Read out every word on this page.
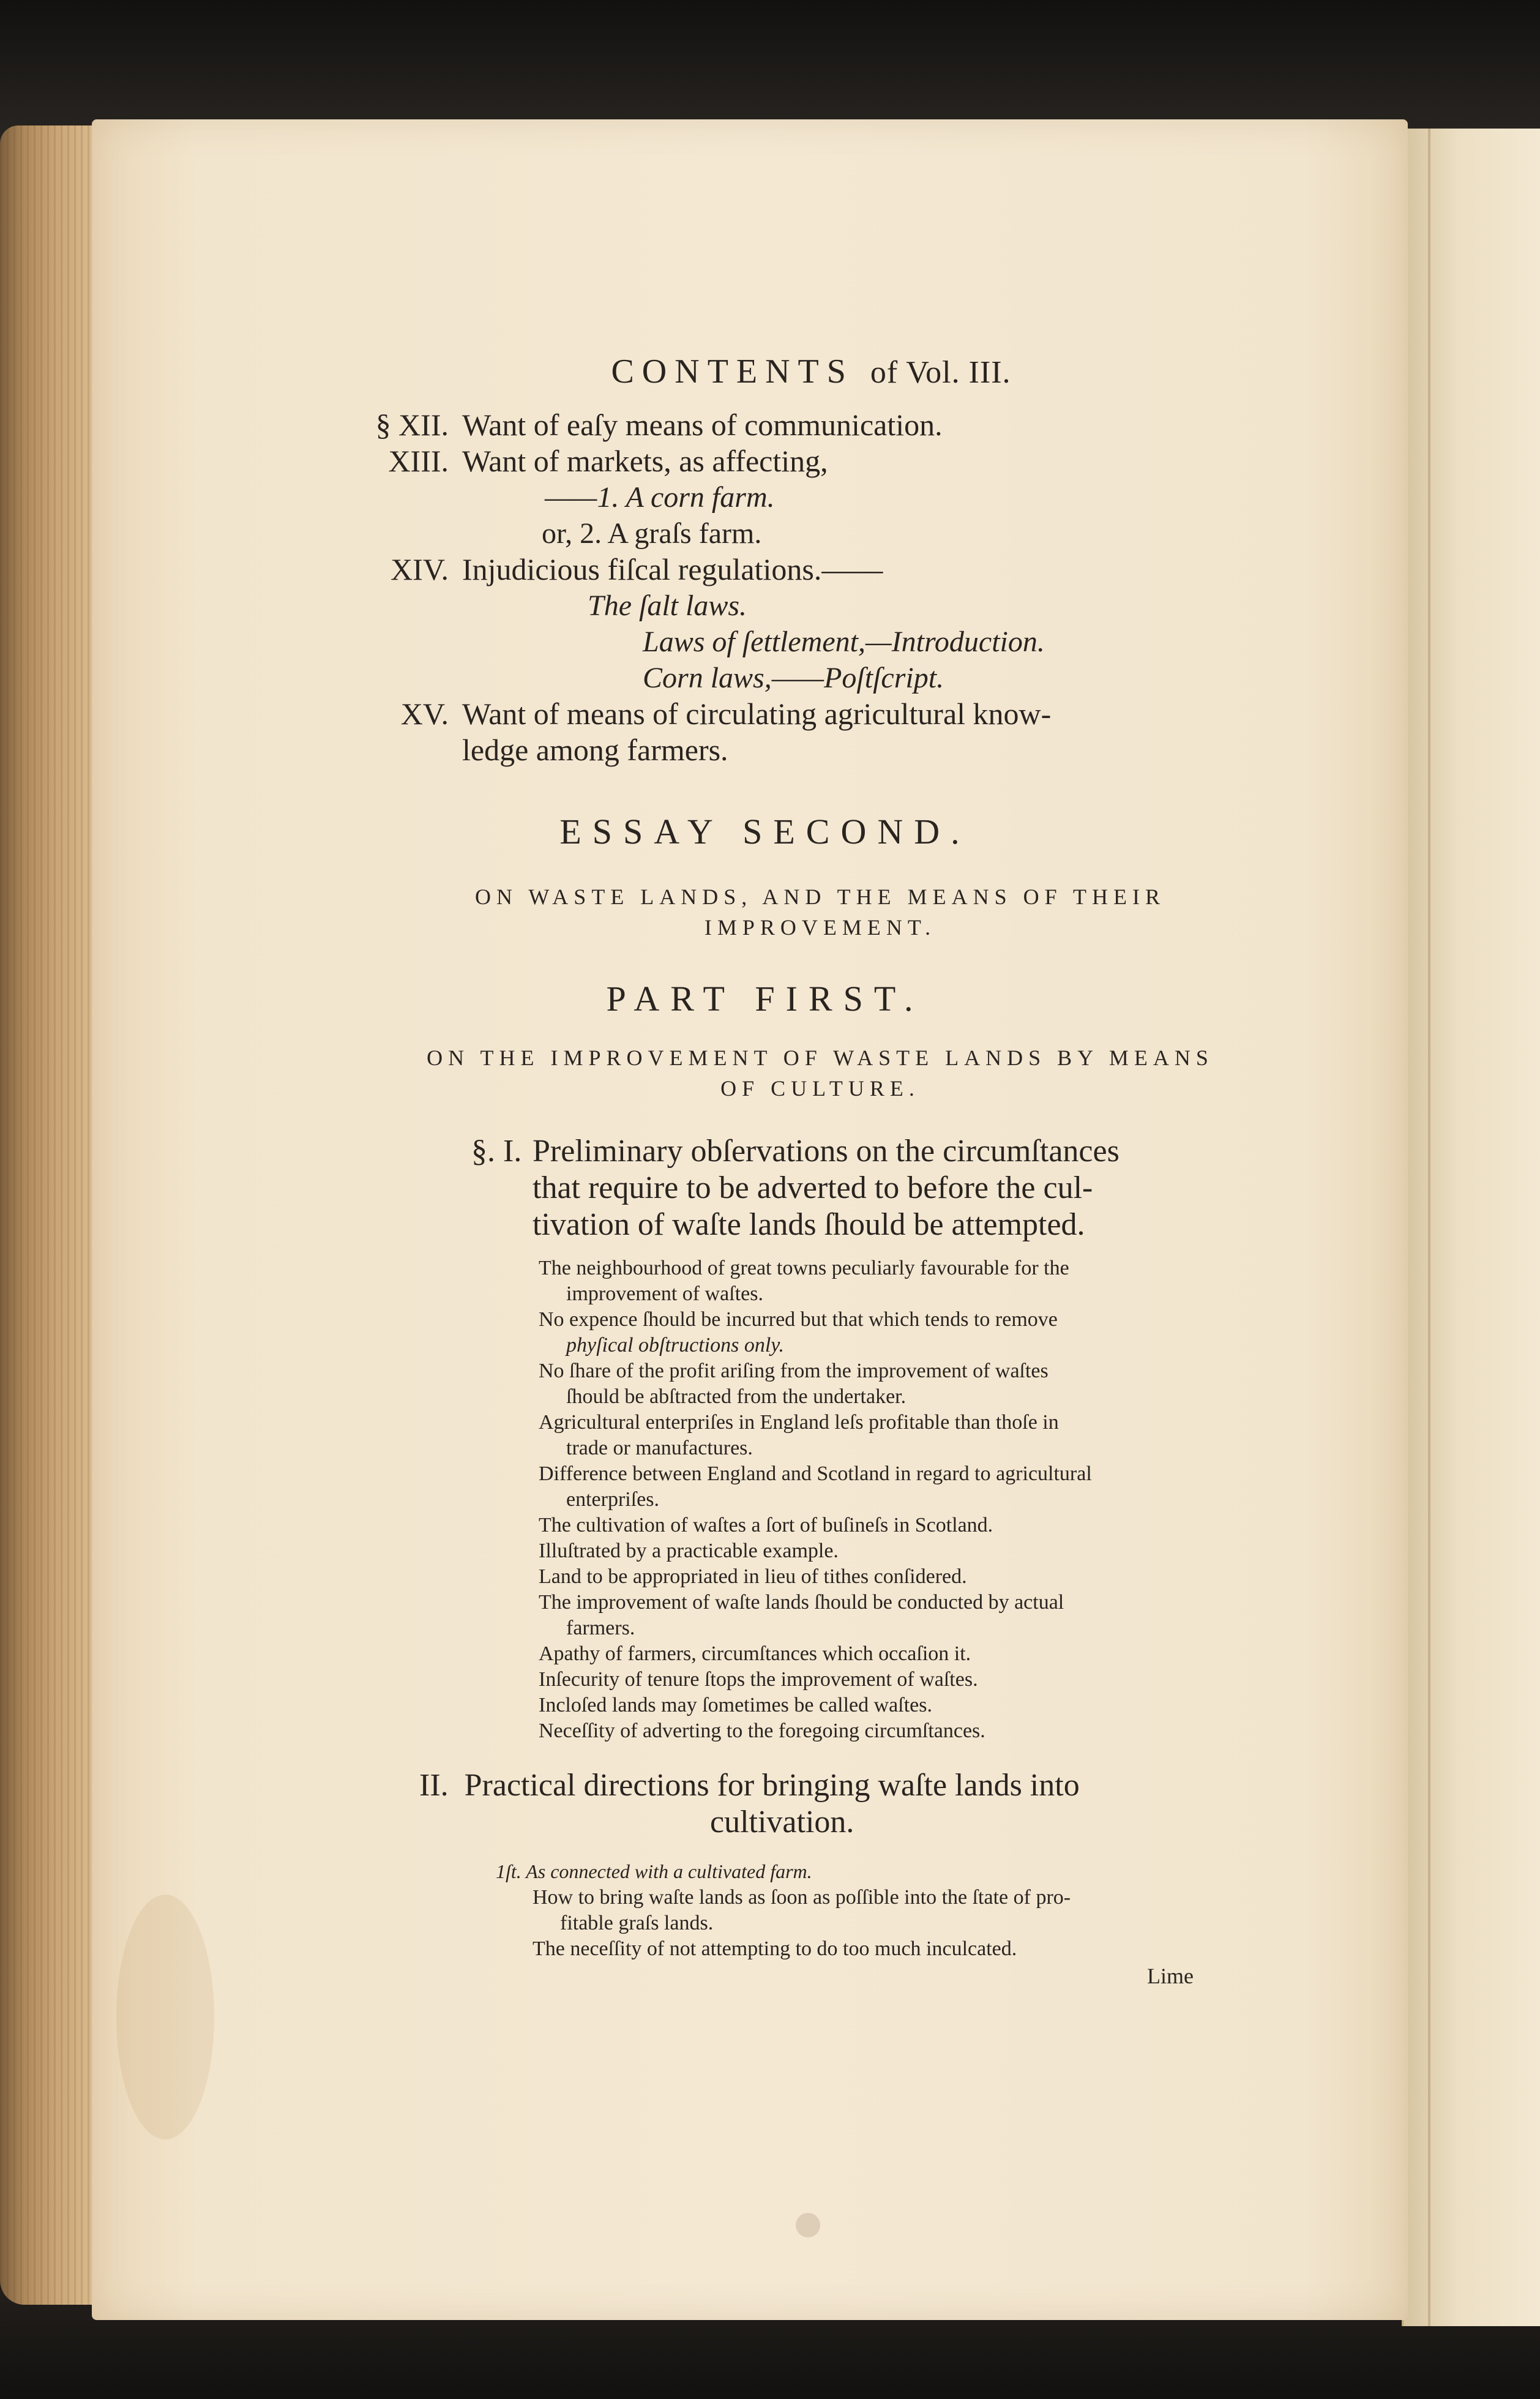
CONTENTS of Vol. III.
§ XII. Want of eaſy means of communication.
XIII. Want of markets, as affecting,
——1. A corn farm.
or, 2. A graſs farm.
XIV. Injudicious fiſcal regulations.——
The ſalt laws.
Laws of ſettlement,—Introduction.
Corn laws,——Poſtſcript.
XV. Want of means of circulating agricultural know-
ledge among farmers.
ESSAY SECOND.
ON WASTE LANDS, AND THE MEANS OF THEIR IMPROVEMENT.
PART FIRST.
ON THE IMPROVEMENT OF WASTE LANDS BY MEANS OF CULTURE.
§. I. Preliminary obſervations on the circumſtances
that require to be adverted to before the cul-
tivation of waſte lands ſhould be attempted.
The neighbourhood of great towns peculiarly favourable for the
improvement of waſtes.
No expence ſhould be incurred but that which tends to remove
phyſical obſtructions only.
No ſhare of the profit ariſing from the improvement of waſtes
ſhould be abſtracted from the undertaker.
Agricultural enterpriſes in England leſs profitable than thoſe in
trade or manufactures.
Difference between England and Scotland in regard to agricultural
enterpriſes.
The cultivation of waſtes a ſort of buſineſs in Scotland.
Illuſtrated by a practicable example.
Land to be appropriated in lieu of tithes conſidered.
The improvement of waſte lands ſhould be conducted by actual
farmers.
Apathy of farmers, circumſtances which occaſion it.
Inſecurity of tenure ſtops the improvement of waſtes.
Incloſed lands may ſometimes be called waſtes.
Neceſſity of adverting to the foregoing circumſtances.
II. Practical directions for bringing waſte lands into
cultivation.
1ſt. As connected with a cultivated farm.
How to bring waſte lands as ſoon as poſſible into the ſtate of pro-
fitable graſs lands.
The neceſſity of not attempting to do too much inculcated.
Lime
